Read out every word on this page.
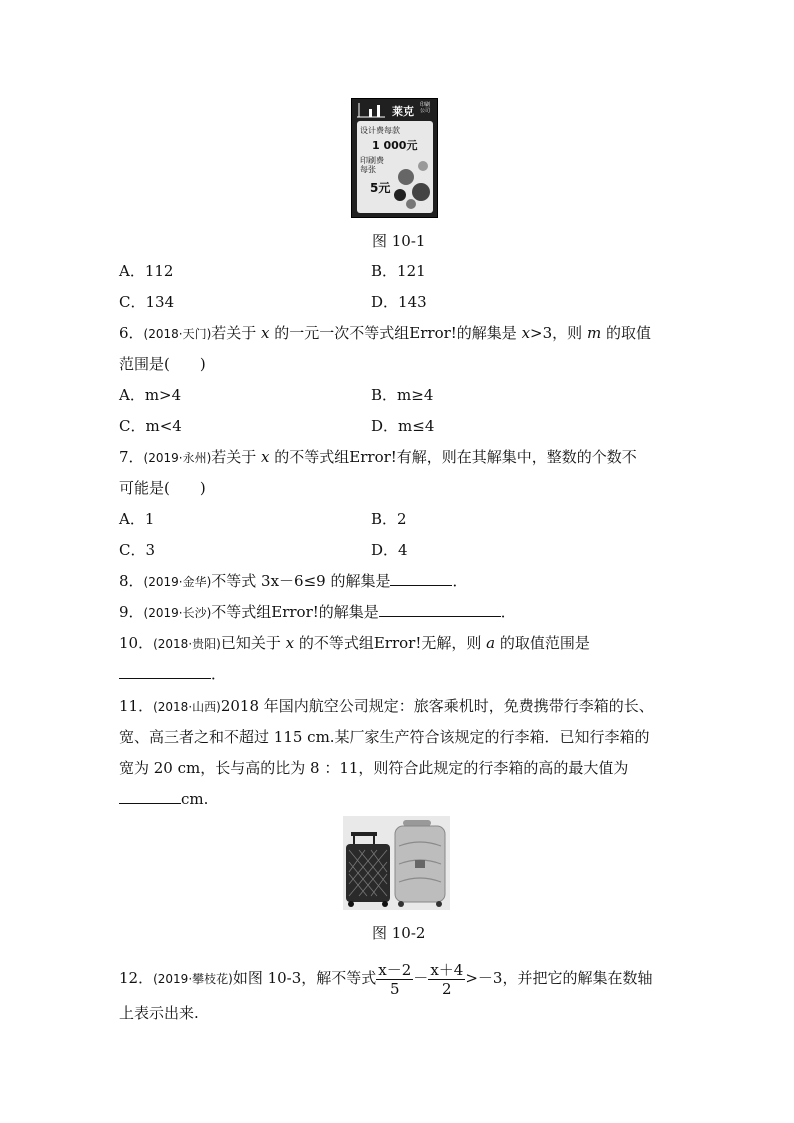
莱克 印刷公司
设计费每款
1 000元
印刷费每张
5元
图 10-1
A．112	B．121
C．134	D．143
6．(2018·天门)若关于 x 的一元一次不等式组Error!的解集是 x>3，则 m 的取值
范围是(　　)
A．m>4	B．m≥4
C．m<4	D．m≤4
7．(2019·永州)若关于 x 的不等式组Error!有解，则在其解集中，整数的个数不
可能是(　　)
A．1	B．2
C．3	D．4
8．(2019·金华)不等式 3x－6≤9 的解集是	．
9．(2019·长沙)不等式组Error!的解集是	．
10．(2018·贵阳)已知关于 x 的不等式组Error!无解，则 a 的取值范围是
．
11．(2018·山西)2018 年国内航空公司规定：旅客乘机时，免费携带行李箱的长、
宽、高三者之和不超过 115 cm.某厂家生产符合该规定的行李箱．已知行李箱的
宽为 20 cm，长与高的比为 8 ：11，则符合此规定的行李箱的高的最大值为
cm.
图 10-2
12．(2019·攀枝花)如图 10-3，解不等式 $\frac{x-2}{5} - \frac{x+4}{2} >-3$，并把它的解集在数轴
上表示出来.
